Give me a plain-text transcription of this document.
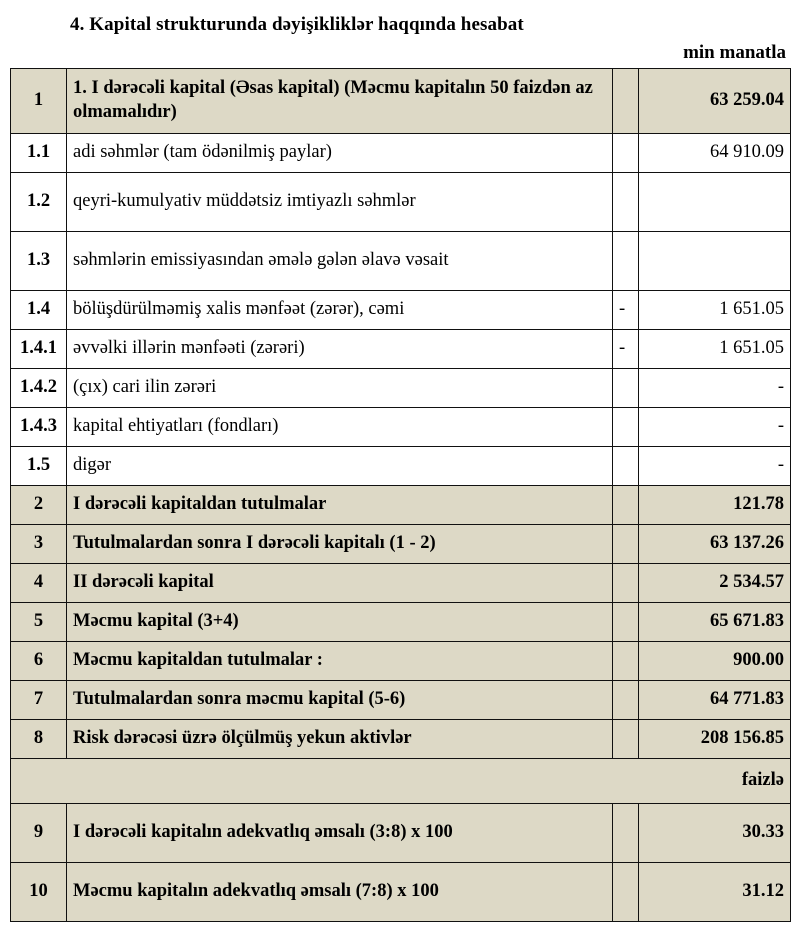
4. Kapital strukturunda dəyişikliklər haqqında hesabat
min manatla
1	1. I dərəcəli kapital (Əsas kapital) (Məcmu kapitalın 50 faizdən az olmamalıdır)		63 259.04
1.1	adi səhmlər (tam ödənilmiş paylar)		64 910.09
1.2	qeyri-kumulyativ müddətsiz imtiyazlı səhmlər		
1.3	səhmlərin emissiyasından əmələ gələn əlavə vəsait		
1.4	bölüşdürülməmiş xalis mənfəət (zərər), cəmi	-	1 651.05
1.4.1	əvvəlki illərin mənfəəti (zərəri)	-	1 651.05
1.4.2	(çıx) cari ilin zərəri		-
1.4.3	kapital ehtiyatları (fondları)		-
1.5	digər		-
2	I dərəcəli kapitaldan tutulmalar		121.78
3	Tutulmalardan sonra I dərəcəli kapitalı (1 - 2)		63 137.26
4	II dərəcəli kapital		2 534.57
5	Məcmu kapital (3+4)		65 671.83
6	Məcmu kapitaldan tutulmalar :		900.00
7	Tutulmalardan sonra məcmu kapital (5-6)		64 771.83
8	Risk dərəcəsi üzrə ölçülmüş yekun aktivlər		208 156.85
faizlə			
9	I dərəcəli kapitalın adekvatlıq əmsalı (3:8) x 100		30.33
10	Məcmu kapitalın adekvatlıq əmsalı (7:8) x 100		31.12
